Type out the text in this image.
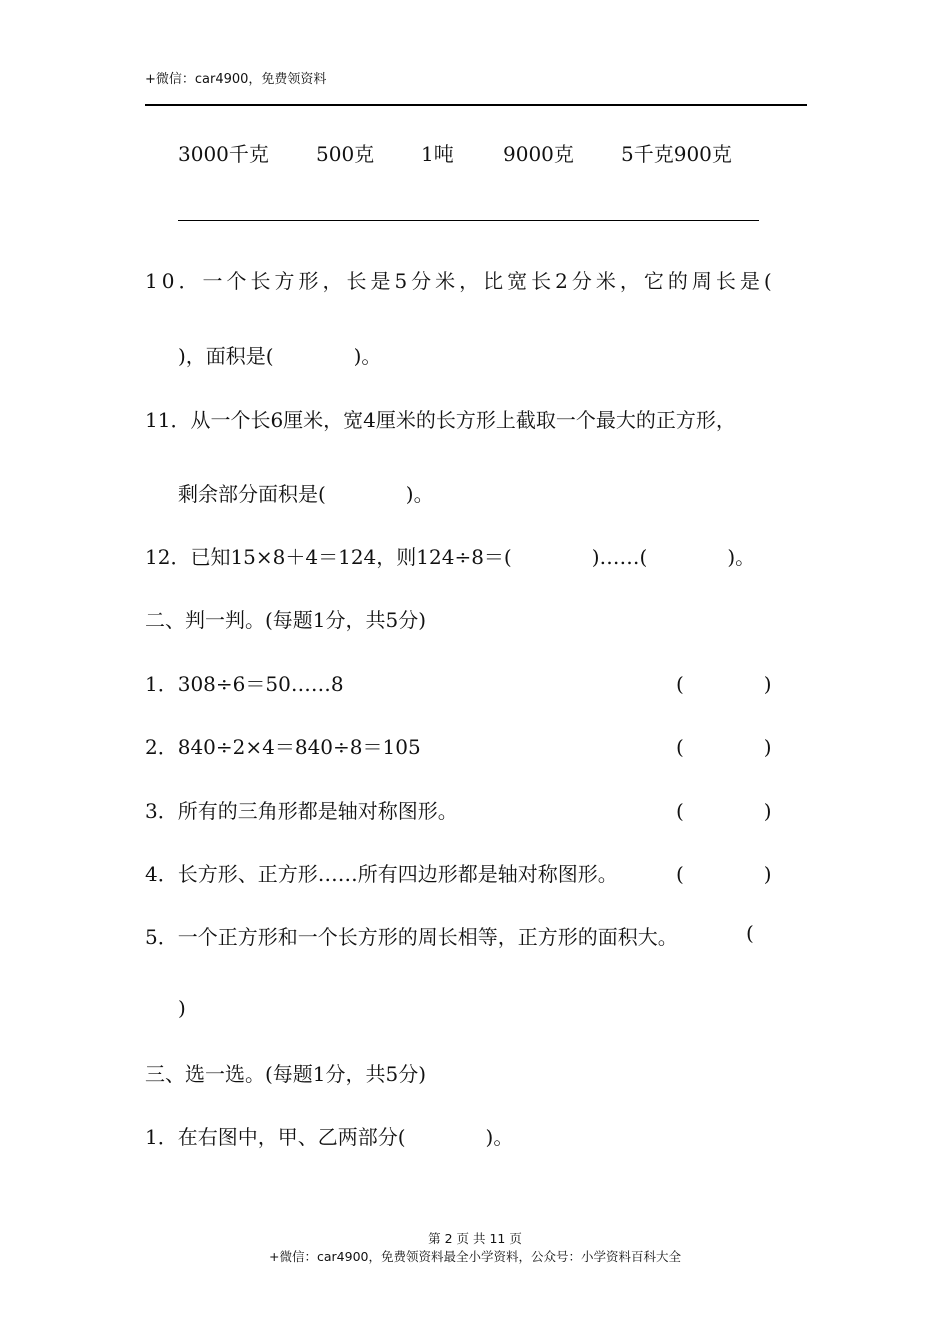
+微信：car4900，免费领资料
3000千克 500克 1吨 9000克 5千克900克
10．一个长方形，长是5分米，比宽长2分米，它的周长是(
)，面积是(　　　　)。
11．从一个长6厘米，宽4厘米的长方形上截取一个最大的正方形，
剩余部分面积是(　　　　)。
12．已知15×8＋4＝124，则124÷8＝(　　　　)……(　　　　)。
二、判一判。(每题1分，共5分)
1．308÷6＝50……8	(　　　　)
2．840÷2×4＝840÷8＝105	(　　　　)
3．所有的三角形都是轴对称图形。	(　　　　)
4．长方形、正方形……所有四边形都是轴对称图形。	(　　　　)
5．一个正方形和一个长方形的周长相等，正方形的面积大。	(
)
三、选一选。(每题1分，共5分)
1．在右图中，甲、乙两部分(　　　　)。
第 2 页 共 11 页
+微信：car4900，免费领资料最全小学资料，公众号：小学资料百科大全
